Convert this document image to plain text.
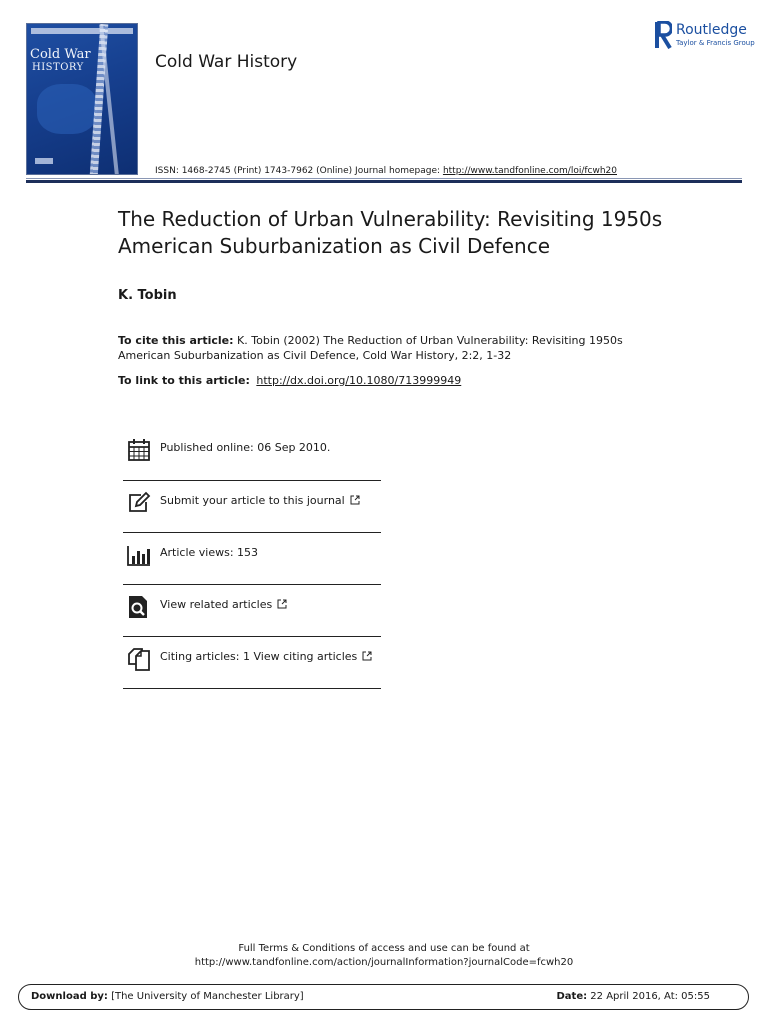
Cold War
HISTORY	Cold War History
Routledge
Taylor & Francis Group
ISSN: 1468-2745 (Print) 1743-7962 (Online) Journal homepage: http://www.tandfonline.com/loi/fcwh20
The Reduction of Urban Vulnerability: Revisiting 1950s American Suburbanization as Civil Defence
K. Tobin
To cite this article: K. Tobin (2002) The Reduction of Urban Vulnerability: Revisiting 1950s American Suburbanization as Civil Defence, Cold War History, 2:2, 1-32
To link to this article: http://dx.doi.org/10.1080/713999949
Published online: 06 Sep 2010.
Submit your article to this journal
Article views: 153
View related articles
Citing articles: 1 View citing articles
Full Terms & Conditions of access and use can be found at
http://www.tandfonline.com/action/journalInformation?journalCode=fcwh20
Download by: [The University of Manchester Library]	Date: 22 April 2016, At: 05:55
